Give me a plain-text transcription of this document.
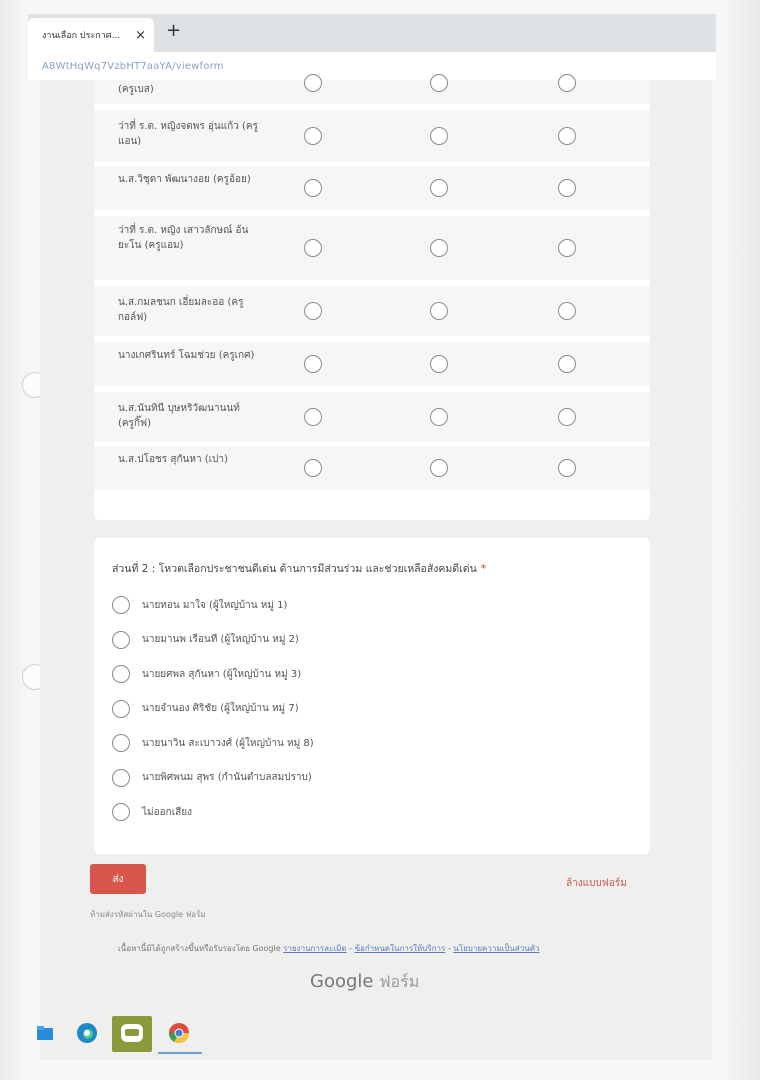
งานเลือก ประกาศ...	× +
A8WtHqWq7VzbHT7aaYA/viewform
(ครูเบส)
ว่าที่ ร.ต. หญิงจตพร อุ่นแก้ว (ครูแอน)
น.ส.วิชุดา พัฒนางอย (ครูอ้อย)
ว่าที่ ร.ต. หญิง เสาวลักษณ์ อ้นยะโน (ครูแอม)
น.ส.กมลชนก เอี่ยมละออ (ครูกอล์ฟ)
นางเกศรินทร์ โฉมช่วย (ครูเกศ)
น.ส.นันทินี บุษหริวัฒนานนท์ (ครูกิ๊ฟ)
น.ส.ปโอชร สุกันหา (เปา)
ส่วนที่ 2 : โหวตเลือกประชาชนดีเด่น ด้านการมีส่วนร่วม และช่วยเหลือสังคมดีเด่น *
นายทอน มาใจ (ผู้ใหญ่บ้าน หมู่ 1)
นายมานพ เรือนที (ผู้ใหญ่บ้าน หมู่ 2)
นายยศพล สุกันหา (ผู้ใหญ่บ้าน หมู่ 3)
นายจำนอง ศิริชัย (ผู้ใหญ่บ้าน หมู่ 7)
นายนาวิน สะเบาวงศ์ (ผู้ใหญ่บ้าน หมู่ 8)
นายพิศพนม สุพร (กำนันตำบลสมปราบ)
ไม่ออกเสียง
ส่ง	ล้างแบบฟอร์ม
ห้ามส่งรหัสผ่านใน Google ฟอร์ม
เนื้อหานี้มิได้ถูกสร้างขึ้นหรือรับรองโดย Google รายงานการละเมิด - ข้อกำหนดในการให้บริการ - นโยบายความเป็นส่วนตัว
Google ฟอร์ม
